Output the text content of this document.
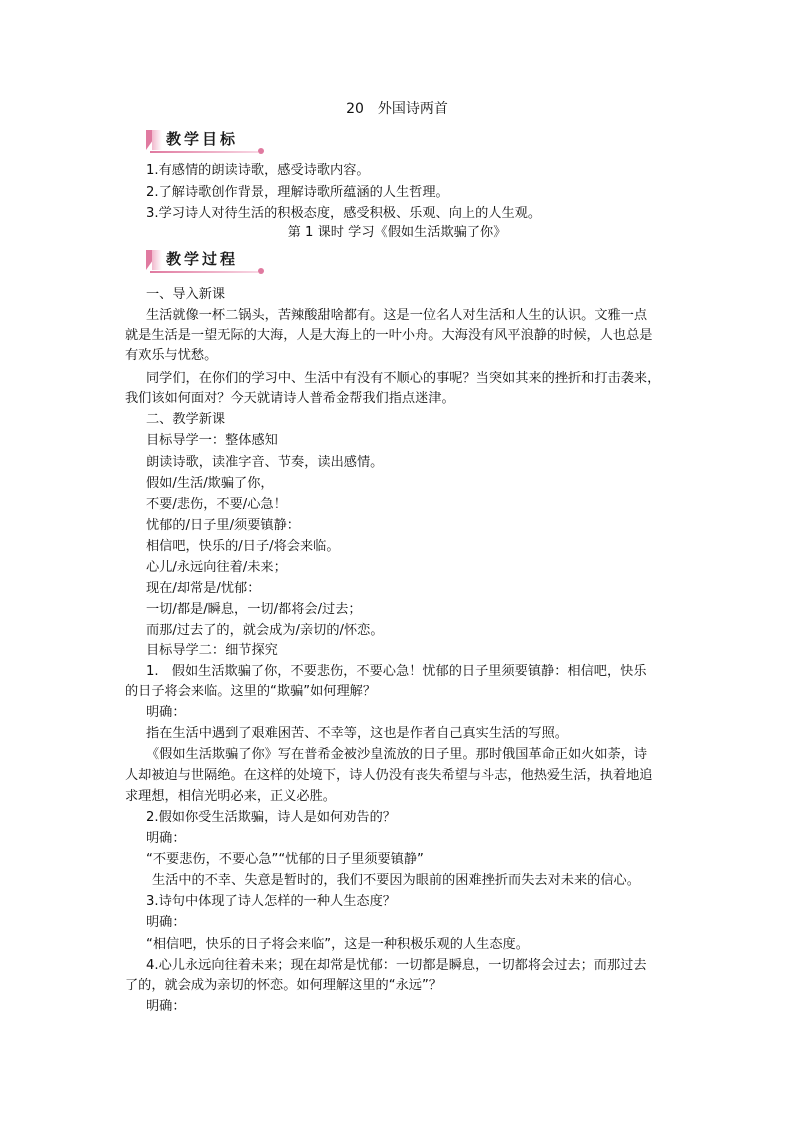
20　外国诗两首
教学目标
1.有感情的朗读诗歌，感受诗歌内容。
2.了解诗歌创作背景，理解诗歌所蕴涵的人生哲理。
3.学习诗人对待生活的积极态度，感受积极、乐观、向上的人生观。
第 1 课时 学习《假如生活欺骗了你》
教学过程
一、导入新课
生活就像一杯二锅头，苦辣酸甜啥都有。这是一位名人对生活和人生的认识。文雅一点
就是生活是一望无际的大海，人是大海上的一叶小舟。大海没有风平浪静的时候，人也总是
有欢乐与忧愁。
同学们，在你们的学习中、生活中有没有不顺心的事呢？当突如其来的挫折和打击袭来，
我们该如何面对？今天就请诗人普希金帮我们指点迷津。
二、教学新课
目标导学一：整体感知
朗读诗歌，读准字音、节奏，读出感情。
假如/生活/欺骗了你，
不要/悲伤，不要/心急！
忧郁的/日子里/须要镇静：
相信吧，快乐的/日子/将会来临。
心儿/永远向往着/未来；
现在/却常是/忧郁：
一切/都是/瞬息，一切/都将会/过去；
而那/过去了的，就会成为/亲切的/怀恋。
目标导学二：细节探究
1.　假如生活欺骗了你，不要悲伤，不要心急！忧郁的日子里须要镇静：相信吧，快乐
的日子将会来临。这里的“欺骗”如何理解？
明确：
指在生活中遇到了艰难困苦、不幸等，这也是作者自己真实生活的写照。
《假如生活欺骗了你》写在普希金被沙皇流放的日子里。那时俄国革命正如火如荼，诗
人却被迫与世隔绝。在这样的处境下，诗人仍没有丧失希望与斗志，他热爱生活，执着地追
求理想，相信光明必来，正义必胜。
2.假如你受生活欺骗，诗人是如何劝告的？
明确：
“不要悲伤，不要心急”“忧郁的日子里须要镇静”
生活中的不幸、失意是暂时的，我们不要因为眼前的困难挫折而失去对未来的信心。
3.诗句中体现了诗人怎样的一种人生态度？
明确：
“相信吧，快乐的日子将会来临”，这是一种积极乐观的人生态度。
4.心儿永远向往着未来；现在却常是忧郁：一切都是瞬息，一切都将会过去；而那过去
了的，就会成为亲切的怀恋。如何理解这里的“永远”？
明确：
